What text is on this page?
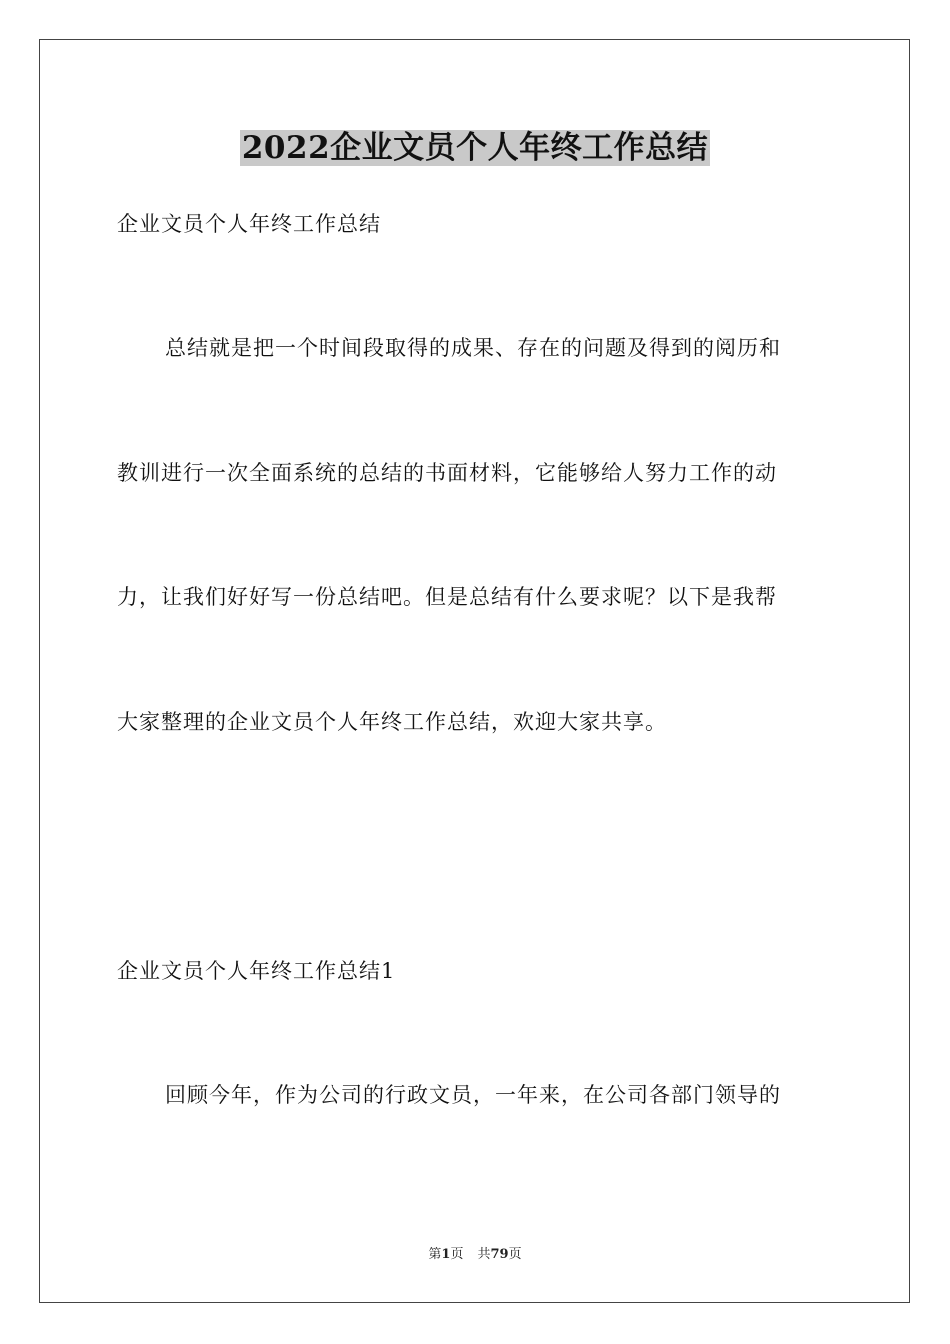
2022企业文员个人年终工作总结
企业文员个人年终工作总结
总结就是把一个时间段取得的成果、存在的问题及得到的阅历和
教训进行一次全面系统的总结的书面材料，它能够给人努力工作的动
力，让我们好好写一份总结吧。但是总结有什么要求呢？以下是我帮
大家整理的企业文员个人年终工作总结，欢迎大家共享。
企业文员个人年终工作总结1
回顾今年，作为公司的行政文员，一年来，在公司各部门领导的
第1页 共79页
